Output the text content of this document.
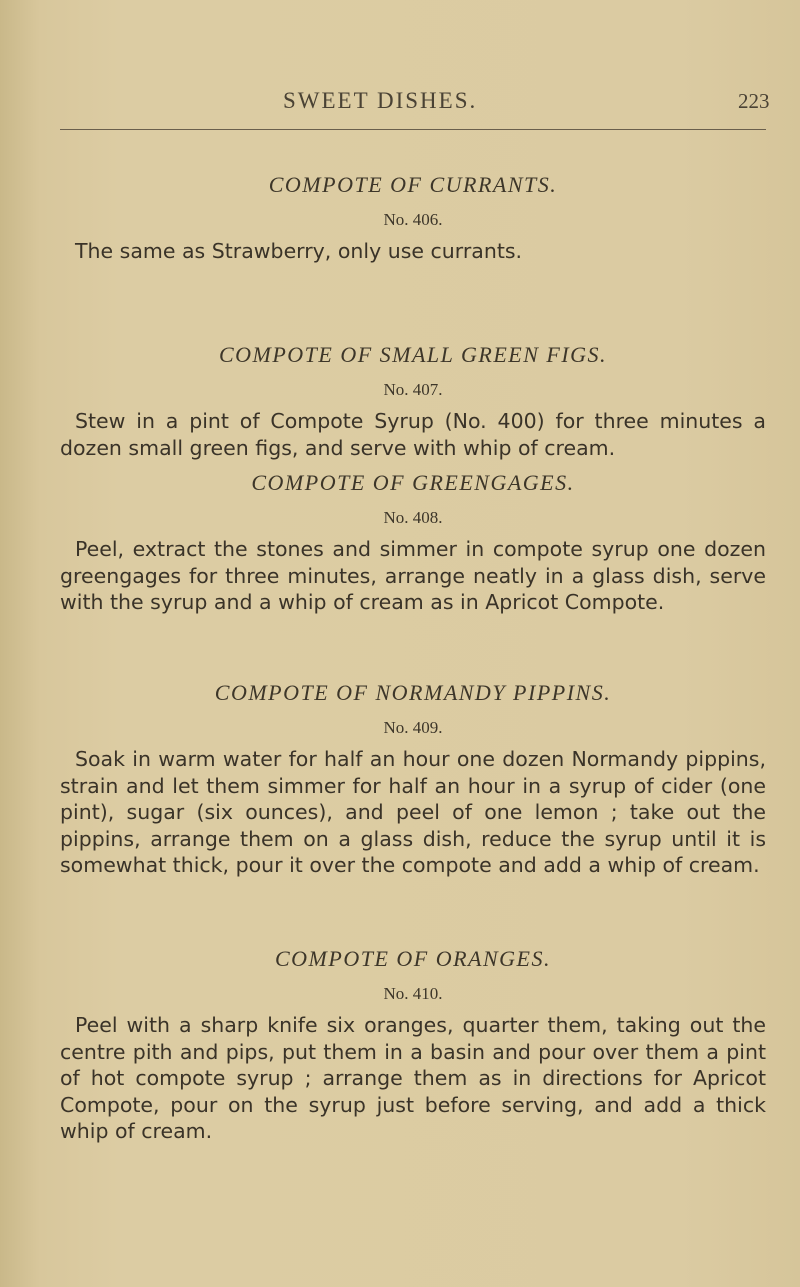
SWEET DISHES.	223

COMPOTE OF CURRANTS.

No. 406.

The same as Strawberry, only use currants.

COMPOTE OF SMALL GREEN FIGS.

No. 407.

Stew in a pint of Compote Syrup (No. 400) for three minutes a dozen small green figs, and serve with whip of cream.

COMPOTE OF GREENGAGES.

No. 408.

Peel, extract the stones and simmer in compote syrup one dozen greengages for three minutes, arrange neatly in a glass dish, serve with the syrup and a whip of cream as in Apricot Compote.

COMPOTE OF NORMANDY PIPPINS.

No. 409.

Soak in warm water for half an hour one dozen Normandy pippins, strain and let them simmer for half an hour in a syrup of cider (one pint), sugar (six ounces), and peel of one lemon ; take out the pippins, arrange them on a glass dish, reduce the syrup until it is somewhat thick, pour it over the compote and add a whip of cream.

COMPOTE OF ORANGES.

No. 410.

Peel with a sharp knife six oranges, quarter them, taking out the centre pith and pips, put them in a basin and pour over them a pint of hot compote syrup ; arrange them as in directions for Apricot Compote, pour on the syrup just before serving, and add a thick whip of cream.
